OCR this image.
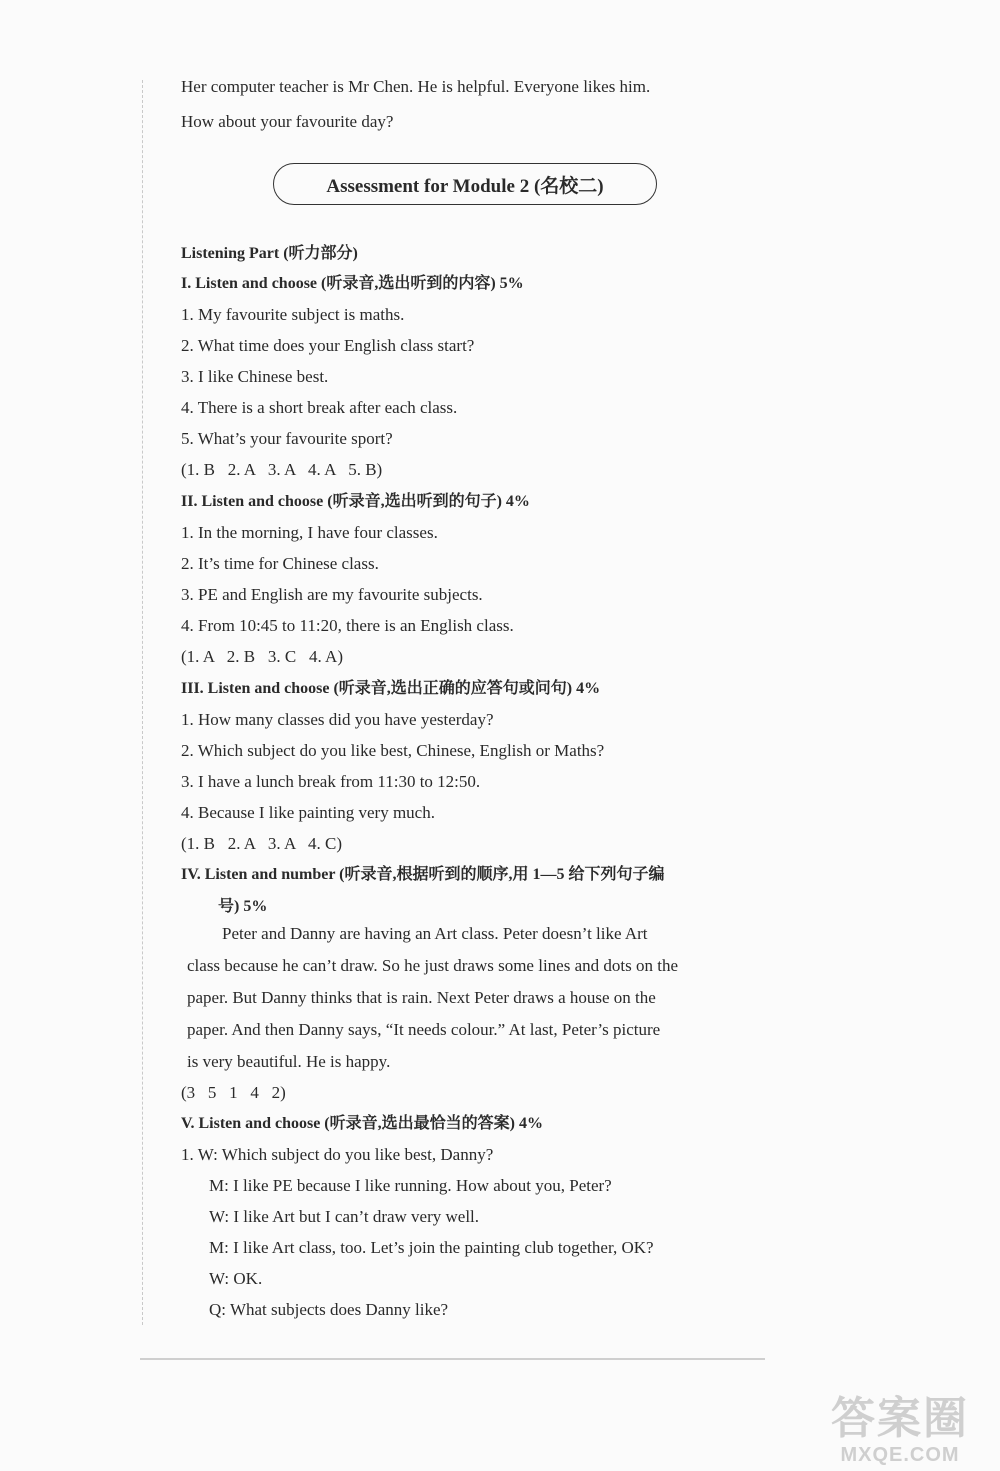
Her computer teacher is Mr Chen. He is helpful. Everyone likes him.
How about your favourite day?
Assessment for Module 2 (名校二)
Listening Part (听力部分)
I. Listen and choose (听录音,选出听到的内容) 5%
1. My favourite subject is maths.
2. What time does your English class start?
3. I like Chinese best.
4. There is a short break after each class.
5. What’s your favourite sport?
(1. B   2. A   3. A   4. A   5. B)
II. Listen and choose (听录音,选出听到的句子) 4%
1. In the morning, I have four classes.
2. It’s time for Chinese class.
3. PE and English are my favourite subjects.
4. From 10:45 to 11:20, there is an English class.
(1. A   2. B   3. C   4. A)
III. Listen and choose (听录音,选出正确的应答句或问句) 4%
1. How many classes did you have yesterday?
2. Which subject do you like best, Chinese, English or Maths?
3. I have a lunch break from 11:30 to 12:50.
4. Because I like painting very much.
(1. B   2. A   3. A   4. C)
IV. Listen and number (听录音,根据听到的顺序,用 1—5 给下列句子编
号) 5%
Peter and Danny are having an Art class. Peter doesn’t like Art
class because he can’t draw. So he just draws some lines and dots on the
paper. But Danny thinks that is rain. Next Peter draws a house on the
paper. And then Danny says, “It needs colour.” At last, Peter’s picture
is very beautiful. He is happy.
(3   5   1   4   2)
V. Listen and choose (听录音,选出最恰当的答案) 4%
1. W: Which subject do you like best, Danny?
M: I like PE because I like running. How about you, Peter?
W: I like Art but I can’t draw very well.
M: I like Art class, too. Let’s join the painting club together, OK?
W: OK.
Q: What subjects does Danny like?
答案圈
MXQE.COM
